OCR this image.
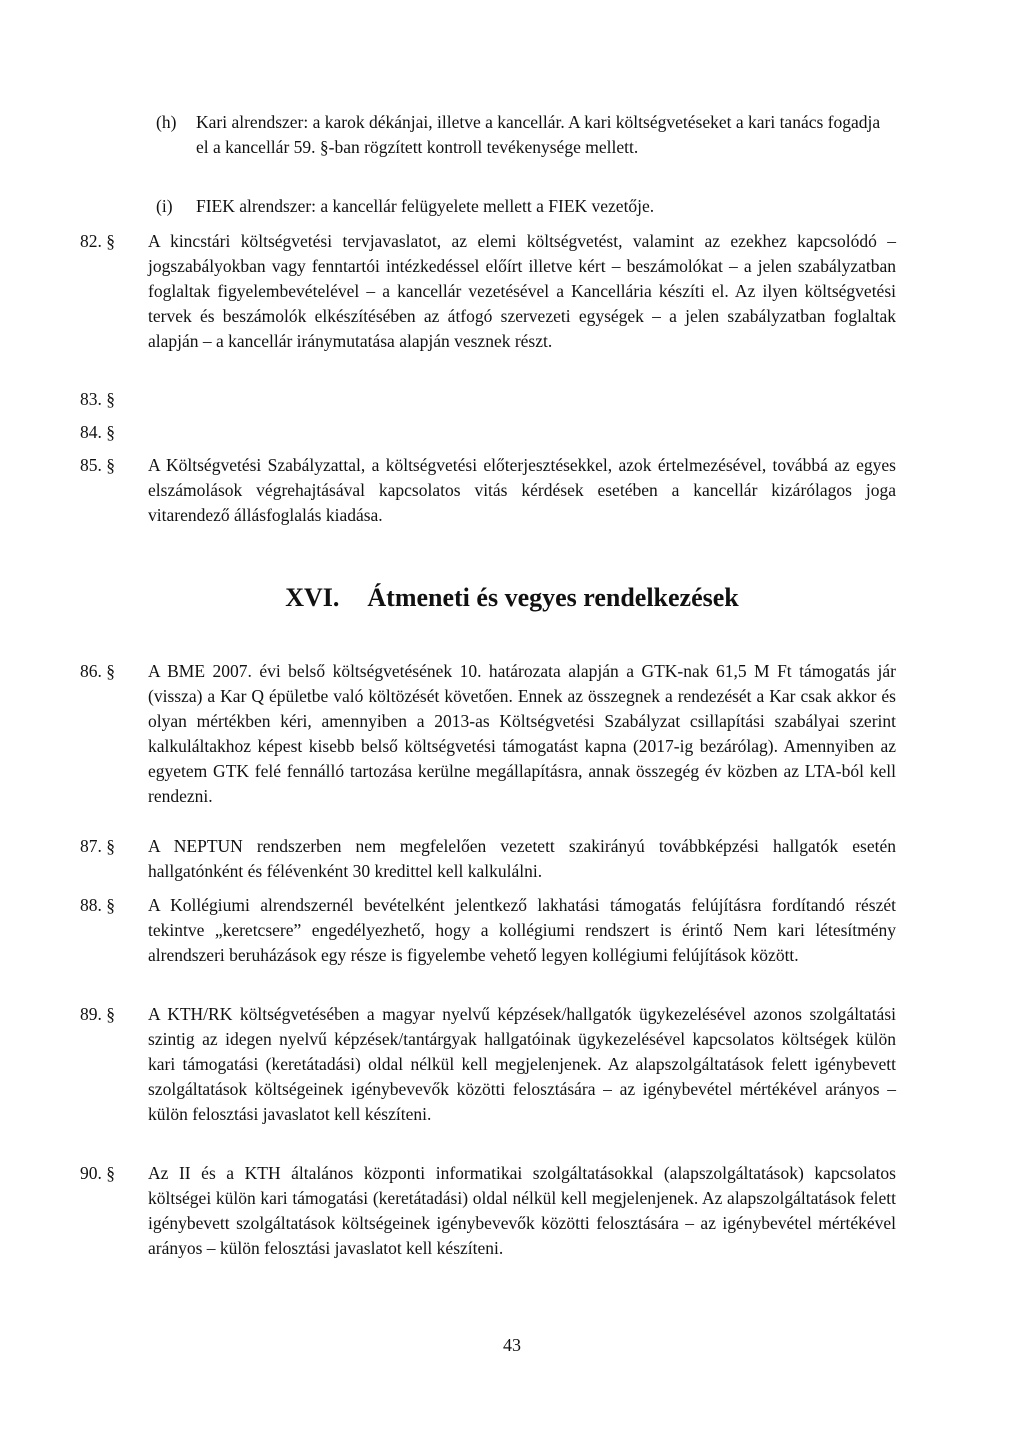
(h) Kari alrendszer: a karok dékánjai, illetve a kancellár. A kari költségvetéseket a kari tanács fogadja el a kancellár 59. §-ban rögzített kontroll tevékenysége mellett.
(i) FIEK alrendszer: a kancellár felügyelete mellett a FIEK vezetője.
82. §	A kincstári költségvetési tervjavaslatot, az elemi költségvetést, valamint az ezekhez kapcsolódó – jogszabályokban vagy fenntartói intézkedéssel előírt illetve kért – beszámolókat – a jelen szabályzatban foglaltak figyelembevételével – a kancellár vezetésével a Kancellária készíti el. Az ilyen költségvetési tervek és beszámolók elkészítésében az átfogó szervezeti egységek – a jelen szabályzatban foglaltak alapján – a kancellár iránymutatása alapján vesznek részt.
83. §
84. §
85. §	A Költségvetési Szabályzattal, a költségvetési előterjesztésekkel, azok értelmezésével, továbbá az egyes elszámolások végrehajtásával kapcsolatos vitás kérdések esetében a kancellár kizárólagos joga vitarendező állásfoglalás kiadása.
XVI. Átmeneti és vegyes rendelkezések
86. §	A BME 2007. évi belső költségvetésének 10. határozata alapján a GTK-nak 61,5 M Ft támogatás jár (vissza) a Kar Q épületbe való költözését követően. Ennek az összegnek a rendezését a Kar csak akkor és olyan mértékben kéri, amennyiben a 2013-as Költségvetési Szabályzat csillapítási szabályai szerint kalkuláltakhoz képest kisebb belső költségvetési támogatást kapna (2017-ig bezárólag). Amennyiben az egyetem GTK felé fennálló tartozása kerülne megállapításra, annak összegég év közben az LTA-ból kell rendezni.
87. §	A NEPTUN rendszerben nem megfelelően vezetett szakirányú továbbképzési hallgatók esetén hallgatónként és félévenként 30 kredittel kell kalkulálni.
88. §	A Kollégiumi alrendszernél bevételként jelentkező lakhatási támogatás felújításra fordítandó részét tekintve „keretcsere” engedélyezhető, hogy a kollégiumi rendszert is érintő Nem kari létesítmény alrendszeri beruházások egy része is figyelembe vehető legyen kollégiumi felújítások között.
89. §	A KTH/RK költségvetésében a magyar nyelvű képzések/hallgatók ügykezelésével azonos szolgáltatási szintig az idegen nyelvű képzések/tantárgyak hallgatóinak ügykezelésével kapcsolatos költségek külön kari támogatási (keretátadási) oldal nélkül kell megjelenjenek. Az alapszolgáltatások felett igénybevett szolgáltatások költségeinek igénybevevők közötti felosztására – az igénybevétel mértékével arányos – külön felosztási javaslatot kell készíteni.
90. §	Az II és a KTH általános központi informatikai szolgáltatásokkal (alapszolgáltatások) kapcsolatos költségei külön kari támogatási (keretátadási) oldal nélkül kell megjelenjenek. Az alapszolgáltatások felett igénybevett szolgáltatások költségeinek igénybevevők közötti felosztására – az igénybevétel mértékével arányos – külön felosztási javaslatot kell készíteni.
43
